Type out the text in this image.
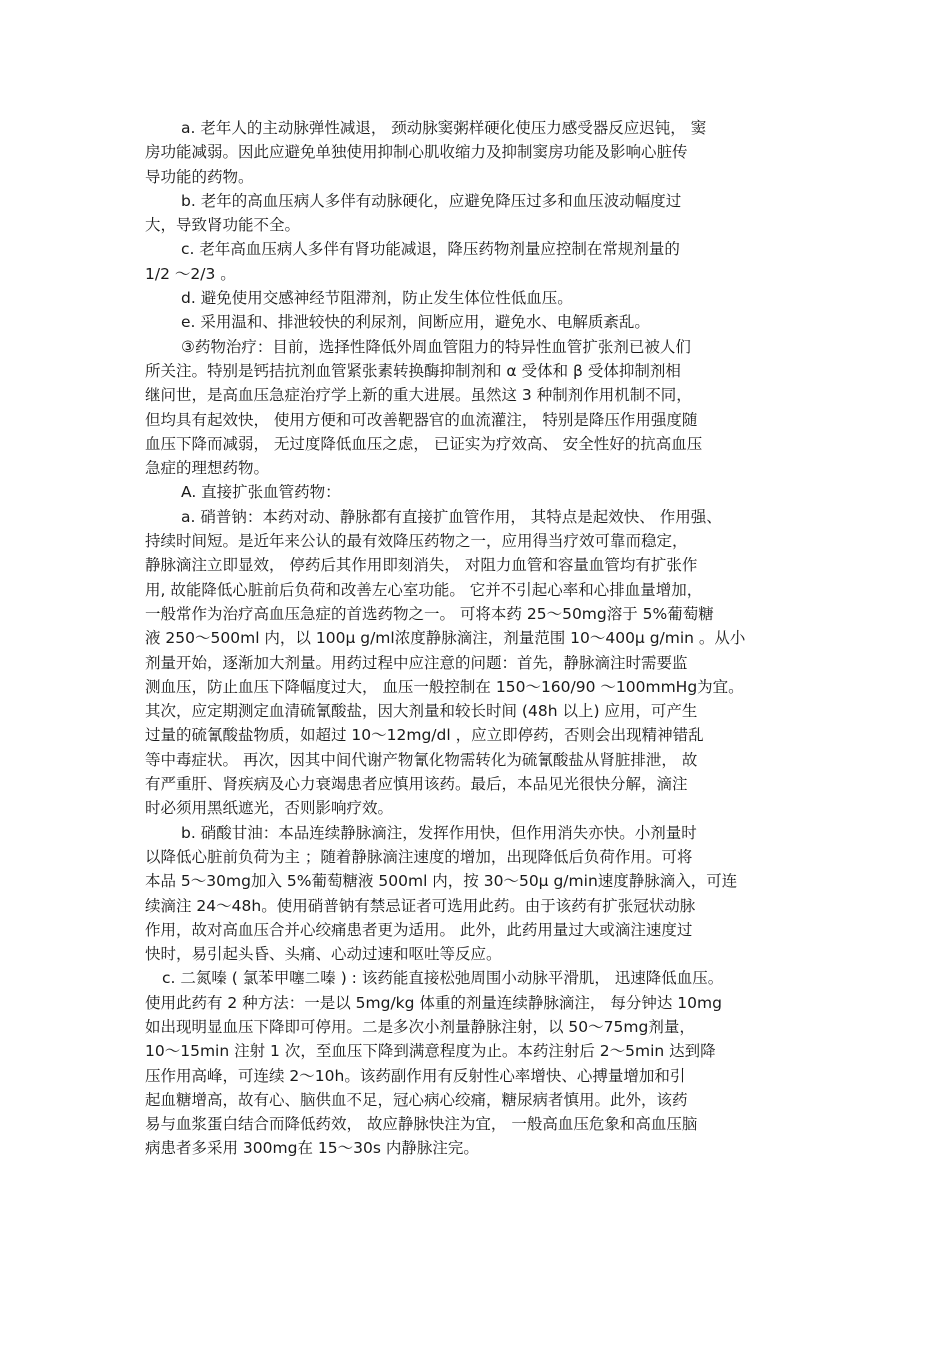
a. 老年人的主动脉弹性减退， 颈动脉窦粥样硬化使压力感受器反应迟钝， 窦
房功能减弱。因此应避免单独使用抑制心肌收缩力及抑制窦房功能及影响心脏传
导功能的药物。
b. 老年的高血压病人多伴有动脉硬化，应避免降压过多和血压波动幅度过
大，导致肾功能不全。
c. 老年高血压病人多伴有肾功能减退，降压药物剂量应控制在常规剂量的
1/2 ～2/3 。
d. 避免使用交感神经节阻滞剂，防止发生体位性低血压。
e. 采用温和、排泄较快的利尿剂，间断应用，避免水、电解质紊乱。
③药物治疗：目前，选择性降低外周血管阻力的特异性血管扩张剂已被人们
所关注。特别是钙拮抗剂血管紧张素转换酶抑制剂和 α 受体和 β 受体抑制剂相
继问世，是高血压急症治疗学上新的重大进展。虽然这 3 种制剂作用机制不同，
但均具有起效快， 使用方便和可改善靶器官的血流灌注， 特别是降压作用强度随
血压下降而减弱， 无过度降低血压之虑， 已证实为疗效高、 安全性好的抗高血压
急症的理想药物。
A. 直接扩张血管药物：
a. 硝普钠：本药对动、静脉都有直接扩血管作用， 其特点是起效快、 作用强、
持续时间短。是近年来公认的最有效降压药物之一，应用得当疗效可靠而稳定，
静脉滴注立即显效， 停药后其作用即刻消失， 对阻力血管和容量血管均有扩张作
用, 故能降低心脏前后负荷和改善左心室功能。 它并不引起心率和心排血量增加，
一般常作为治疗高血压急症的首选药物之一。 可将本药 25～50mg溶于 5%葡萄糖
液 250～500ml 内，以 100μ g/ml浓度静脉滴注，剂量范围 10～400μ g/min 。从小
剂量开始，逐渐加大剂量。用药过程中应注意的问题：首先，静脉滴注时需要监
测血压，防止血压下降幅度过大， 血压一般控制在 150～160/90 ～100mmHg为宜。
其次，应定期测定血清硫氰酸盐，因大剂量和较长时间 (48h 以上) 应用，可产生
过量的硫氰酸盐物质，如超过 10～12mg/dl ，应立即停药，否则会出现精神错乱
等中毒症状。 再次，因其中间代谢产物氰化物需转化为硫氰酸盐从肾脏排泄， 故
有严重肝、肾疾病及心力衰竭患者应慎用该药。最后，本品见光很快分解，滴注
时必须用黑纸遮光，否则影响疗效。
b. 硝酸甘油：本品连续静脉滴注，发挥作用快，但作用消失亦快。小剂量时
以降低心脏前负荷为主 ；随着静脉滴注速度的增加，出现降低后负荷作用。可将
本品 5～30mg加入 5%葡萄糖液 500ml 内，按 30～50μ g/min速度静脉滴入，可连
续滴注 24～48h。使用硝普钠有禁忌证者可选用此药。由于该药有扩张冠状动脉
作用，故对高血压合并心绞痛患者更为适用。 此外，此药用量过大或滴注速度过
快时，易引起头昏、头痛、心动过速和呕吐等反应。
c. 二氮嗪 ( 氯苯甲噻二嗪 ) : 该药能直接松弛周围小动脉平滑肌， 迅速降低血压。
使用此药有 2 种方法：一是以 5mg/kg 体重的剂量连续静脉滴注， 每分钟达 10mg
如出现明显血压下降即可停用。二是多次小剂量静脉注射，以 50～75mg剂量，
10～15min 注射 1 次，至血压下降到满意程度为止。本药注射后 2～5min 达到降
压作用高峰，可连续 2～10h。该药副作用有反射性心率增快、心搏量增加和引
起血糖增高，故有心、脑供血不足，冠心病心绞痛，糖尿病者慎用。此外，该药
易与血浆蛋白结合而降低药效， 故应静脉快注为宜， 一般高血压危象和高血压脑
病患者多采用 300mg在 15～30s 内静脉注完。
